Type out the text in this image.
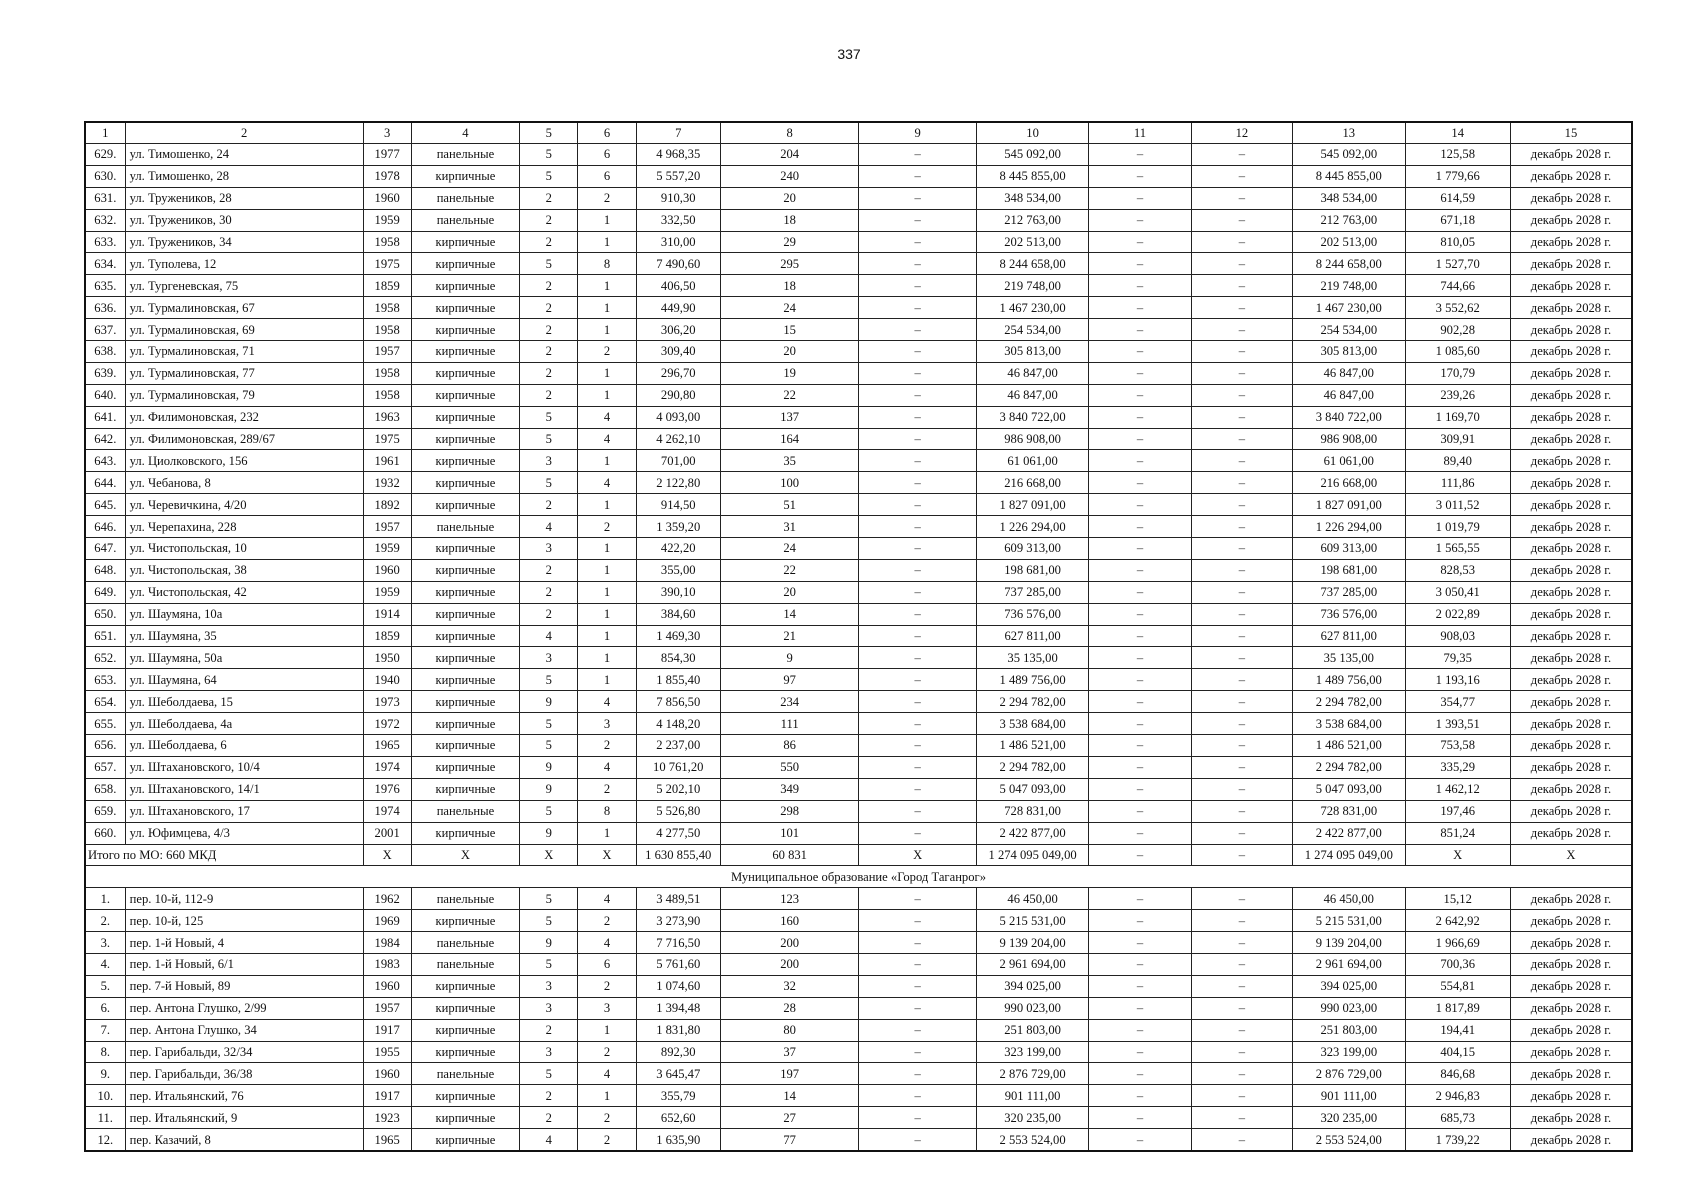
337
1	2	3	4	5	6	7	8	9	10	11	12	13	14	15
629.	ул. Тимошенко, 24	1977	панельные	5	6	4 968,35	204	–	545 092,00	–	–	545 092,00	125,58	декабрь 2028 г.
630.	ул. Тимошенко, 28	1978	кирпичные	5	6	5 557,20	240	–	8 445 855,00	–	–	8 445 855,00	1 779,66	декабрь 2028 г.
631.	ул. Тружеников, 28	1960	панельные	2	2	910,30	20	–	348 534,00	–	–	348 534,00	614,59	декабрь 2028 г.
632.	ул. Тружеников, 30	1959	панельные	2	1	332,50	18	–	212 763,00	–	–	212 763,00	671,18	декабрь 2028 г.
633.	ул. Тружеников, 34	1958	кирпичные	2	1	310,00	29	–	202 513,00	–	–	202 513,00	810,05	декабрь 2028 г.
634.	ул. Туполева, 12	1975	кирпичные	5	8	7 490,60	295	–	8 244 658,00	–	–	8 244 658,00	1 527,70	декабрь 2028 г.
635.	ул. Тургеневская, 75	1859	кирпичные	2	1	406,50	18	–	219 748,00	–	–	219 748,00	744,66	декабрь 2028 г.
636.	ул. Турмалиновская, 67	1958	кирпичные	2	1	449,90	24	–	1 467 230,00	–	–	1 467 230,00	3 552,62	декабрь 2028 г.
637.	ул. Турмалиновская, 69	1958	кирпичные	2	1	306,20	15	–	254 534,00	–	–	254 534,00	902,28	декабрь 2028 г.
638.	ул. Турмалиновская, 71	1957	кирпичные	2	2	309,40	20	–	305 813,00	–	–	305 813,00	1 085,60	декабрь 2028 г.
639.	ул. Турмалиновская, 77	1958	кирпичные	2	1	296,70	19	–	46 847,00	–	–	46 847,00	170,79	декабрь 2028 г.
640.	ул. Турмалиновская, 79	1958	кирпичные	2	1	290,80	22	–	46 847,00	–	–	46 847,00	239,26	декабрь 2028 г.
641.	ул. Филимоновская, 232	1963	кирпичные	5	4	4 093,00	137	–	3 840 722,00	–	–	3 840 722,00	1 169,70	декабрь 2028 г.
642.	ул. Филимоновская, 289/67	1975	кирпичные	5	4	4 262,10	164	–	986 908,00	–	–	986 908,00	309,91	декабрь 2028 г.
643.	ул. Циолковского, 156	1961	кирпичные	3	1	701,00	35	–	61 061,00	–	–	61 061,00	89,40	декабрь 2028 г.
644.	ул. Чебанова, 8	1932	кирпичные	5	4	2 122,80	100	–	216 668,00	–	–	216 668,00	111,86	декабрь 2028 г.
645.	ул. Черевичкина, 4/20	1892	кирпичные	2	1	914,50	51	–	1 827 091,00	–	–	1 827 091,00	3 011,52	декабрь 2028 г.
646.	ул. Черепахина, 228	1957	панельные	4	2	1 359,20	31	–	1 226 294,00	–	–	1 226 294,00	1 019,79	декабрь 2028 г.
647.	ул. Чистопольская, 10	1959	кирпичные	3	1	422,20	24	–	609 313,00	–	–	609 313,00	1 565,55	декабрь 2028 г.
648.	ул. Чистопольская, 38	1960	кирпичные	2	1	355,00	22	–	198 681,00	–	–	198 681,00	828,53	декабрь 2028 г.
649.	ул. Чистопольская, 42	1959	кирпичные	2	1	390,10	20	–	737 285,00	–	–	737 285,00	3 050,41	декабрь 2028 г.
650.	ул. Шаумяна, 10а	1914	кирпичные	2	1	384,60	14	–	736 576,00	–	–	736 576,00	2 022,89	декабрь 2028 г.
651.	ул. Шаумяна, 35	1859	кирпичные	4	1	1 469,30	21	–	627 811,00	–	–	627 811,00	908,03	декабрь 2028 г.
652.	ул. Шаумяна, 50а	1950	кирпичные	3	1	854,30	9	–	35 135,00	–	–	35 135,00	79,35	декабрь 2028 г.
653.	ул. Шаумяна, 64	1940	кирпичные	5	1	1 855,40	97	–	1 489 756,00	–	–	1 489 756,00	1 193,16	декабрь 2028 г.
654.	ул. Шеболдаева, 15	1973	кирпичные	9	4	7 856,50	234	–	2 294 782,00	–	–	2 294 782,00	354,77	декабрь 2028 г.
655.	ул. Шеболдаева, 4а	1972	кирпичные	5	3	4 148,20	111	–	3 538 684,00	–	–	3 538 684,00	1 393,51	декабрь 2028 г.
656.	ул. Шеболдаева, 6	1965	кирпичные	5	2	2 237,00	86	–	1 486 521,00	–	–	1 486 521,00	753,58	декабрь 2028 г.
657.	ул. Штахановского, 10/4	1974	кирпичные	9	4	10 761,20	550	–	2 294 782,00	–	–	2 294 782,00	335,29	декабрь 2028 г.
658.	ул. Штахановского, 14/1	1976	кирпичные	9	2	5 202,10	349	–	5 047 093,00	–	–	5 047 093,00	1 462,12	декабрь 2028 г.
659.	ул. Штахановского, 17	1974	панельные	5	8	5 526,80	298	–	728 831,00	–	–	728 831,00	197,46	декабрь 2028 г.
660.	ул. Юфимцева, 4/3	2001	кирпичные	9	1	4 277,50	101	–	2 422 877,00	–	–	2 422 877,00	851,24	декабрь 2028 г.
Итого по МО: 660 МКД		X	X	X	X	1 630 855,40	60 831	X	1 274 095 049,00	–	–	1 274 095 049,00	X	X
Муниципальное образование «Город Таганрог»														
1.	пер. 10-й, 112-9	1962	панельные	5	4	3 489,51	123	–	46 450,00	–	–	46 450,00	15,12	декабрь 2028 г.
2.	пер. 10-й, 125	1969	кирпичные	5	2	3 273,90	160	–	5 215 531,00	–	–	5 215 531,00	2 642,92	декабрь 2028 г.
3.	пер. 1-й Новый, 4	1984	панельные	9	4	7 716,50	200	–	9 139 204,00	–	–	9 139 204,00	1 966,69	декабрь 2028 г.
4.	пер. 1-й Новый, 6/1	1983	панельные	5	6	5 761,60	200	–	2 961 694,00	–	–	2 961 694,00	700,36	декабрь 2028 г.
5.	пер. 7-й Новый, 89	1960	кирпичные	3	2	1 074,60	32	–	394 025,00	–	–	394 025,00	554,81	декабрь 2028 г.
6.	пер. Антона Глушко, 2/99	1957	кирпичные	3	3	1 394,48	28	–	990 023,00	–	–	990 023,00	1 817,89	декабрь 2028 г.
7.	пер. Антона Глушко, 34	1917	кирпичные	2	1	1 831,80	80	–	251 803,00	–	–	251 803,00	194,41	декабрь 2028 г.
8.	пер. Гарибальди, 32/34	1955	кирпичные	3	2	892,30	37	–	323 199,00	–	–	323 199,00	404,15	декабрь 2028 г.
9.	пер. Гарибальди, 36/38	1960	панельные	5	4	3 645,47	197	–	2 876 729,00	–	–	2 876 729,00	846,68	декабрь 2028 г.
10.	пер. Итальянский, 76	1917	кирпичные	2	1	355,79	14	–	901 111,00	–	–	901 111,00	2 946,83	декабрь 2028 г.
11.	пер. Итальянский, 9	1923	кирпичные	2	2	652,60	27	–	320 235,00	–	–	320 235,00	685,73	декабрь 2028 г.
12.	пер. Казачий, 8	1965	кирпичные	4	2	1 635,90	77	–	2 553 524,00	–	–	2 553 524,00	1 739,22	декабрь 2028 г.
